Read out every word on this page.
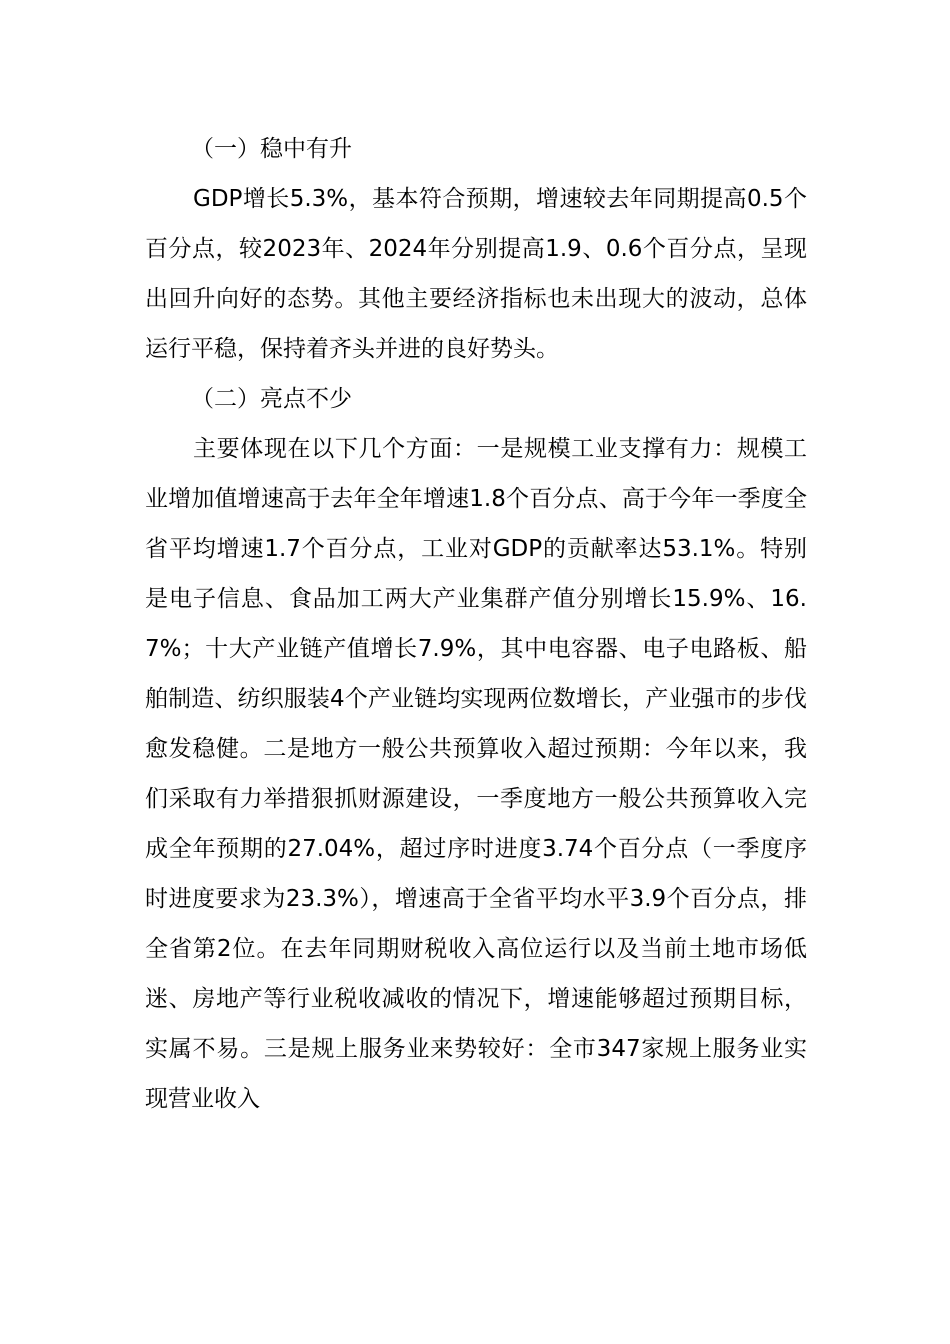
（一）稳中有升

GDP增长5.3%，基本符合预期，增速较去年同期提高0.5个百分点，较2023年、2024年分别提高1.9、0.6个百分点，呈现出回升向好的态势。其他主要经济指标也未出现大的波动，总体运行平稳，保持着齐头并进的良好势头。

（二）亮点不少

主要体现在以下几个方面：一是规模工业支撑有力：规模工业增加值增速高于去年全年增速1.8个百分点、高于今年一季度全省平均增速1.7个百分点，工业对GDP的贡献率达53.1%。特别是电子信息、食品加工两大产业集群产值分别增长15.9%、16.7%；十大产业链产值增长7.9%，其中电容器、电子电路板、船舶制造、纺织服装4个产业链均实现两位数增长，产业强市的步伐愈发稳健。二是地方一般公共预算收入超过预期：今年以来，我们采取有力举措狠抓财源建设，一季度地方一般公共预算收入完成全年预期的27.04%，超过序时进度3.74个百分点（一季度序时进度要求为23.3%），增速高于全省平均水平3.9个百分点，排全省第2位。在去年同期财税收入高位运行以及当前土地市场低迷、房地产等行业税收减收的情况下，增速能够超过预期目标，实属不易。三是规上服务业来势较好：全市347家规上服务业实现营业收入
